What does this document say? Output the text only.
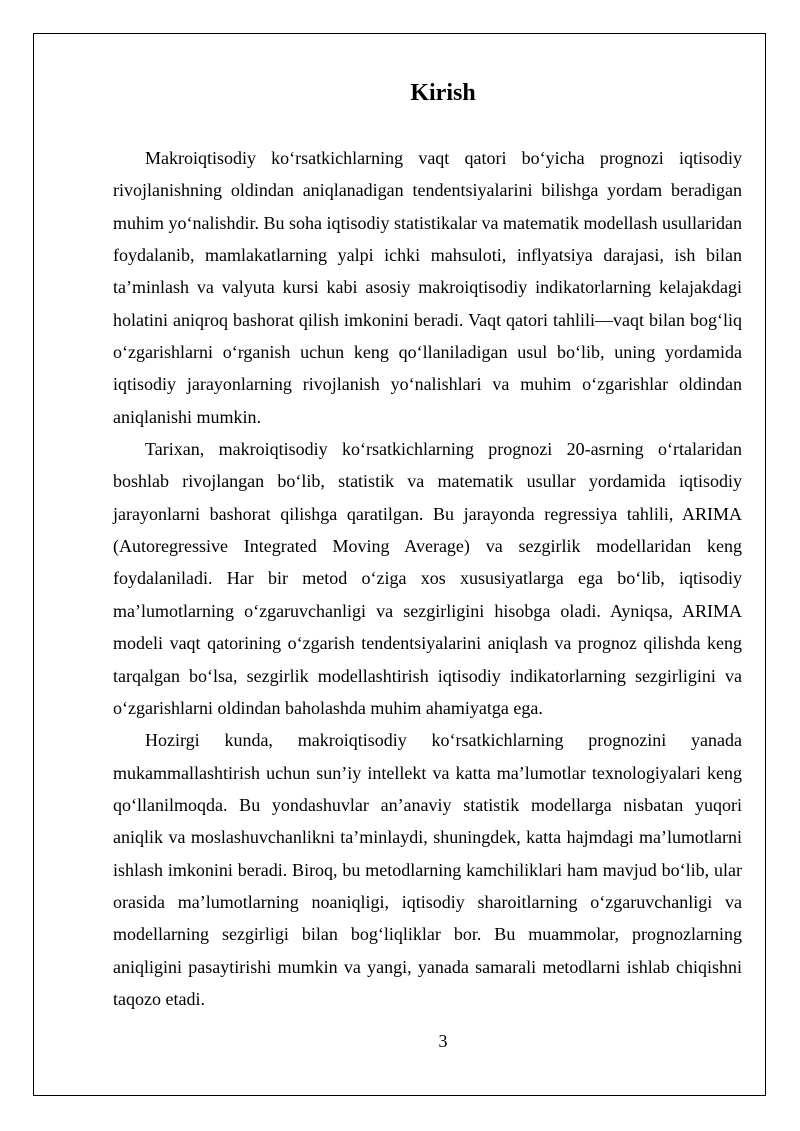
Kirish

Makroiqtisodiy ko‘rsatkichlarning vaqt qatori bo‘yicha prognozi iqtisodiy rivojlanishning oldindan aniqlanadigan tendentsiyalarini bilishga yordam beradigan muhim yo‘nalishdir. Bu soha iqtisodiy statistikalar va matematik modellash usullaridan foydalanib, mamlakatlarning yalpi ichki mahsuloti, inflyatsiya darajasi, ish bilan ta’minlash va valyuta kursi kabi asosiy makroiqtisodiy indikatorlarning kelajakdagi holatini aniqroq bashorat qilish imkonini beradi. Vaqt qatori tahlili—vaqt bilan bog‘liq o‘zgarishlarni o‘rganish uchun keng qo‘llaniladigan usul bo‘lib, uning yordamida iqtisodiy jarayonlarning rivojlanish yo‘nalishlari va muhim o‘zgarishlar oldindan aniqlanishi mumkin.

Tarixan, makroiqtisodiy ko‘rsatkichlarning prognozi 20-asrning o‘rtalaridan boshlab rivojlangan bo‘lib, statistik va matematik usullar yordamida iqtisodiy jarayonlarni bashorat qilishga qaratilgan. Bu jarayonda regressiya tahlili, ARIMA (Autoregressive Integrated Moving Average) va sezgirlik modellaridan keng foydalaniladi. Har bir metod o‘ziga xos xususiyatlarga ega bo‘lib, iqtisodiy ma’lumotlarning o‘zgaruvchanligi va sezgirligini hisobga oladi. Ayniqsa, ARIMA modeli vaqt qatorining o‘zgarish tendentsiyalarini aniqlash va prognoz qilishda keng tarqalgan bo‘lsa, sezgirlik modellashtirish iqtisodiy indikatorlarning sezgirligini va o‘zgarishlarni oldindan baholashda muhim ahamiyatga ega.

Hozirgi kunda, makroiqtisodiy ko‘rsatkichlarning prognozini yanada mukammallashtirish uchun sun’iy intellekt va katta ma’lumotlar texnologiyalari keng qo‘llanilmoqda. Bu yondashuvlar an’anaviy statistik modellarga nisbatan yuqori aniqlik va moslashuvchanlikni ta’minlaydi, shuningdek, katta hajmdagi ma’lumotlarni ishlash imkonini beradi. Biroq, bu metodlarning kamchiliklari ham mavjud bo‘lib, ular orasida ma’lumotlarning noaniqligi, iqtisodiy sharoitlarning o‘zgaruvchanligi va modellarning sezgirligi bilan bog‘liqliklar bor. Bu muammolar, prognozlarning aniqligini pasaytirishi mumkin va yangi, yanada samarali metodlarni ishlab chiqishni taqozo etadi.

3
